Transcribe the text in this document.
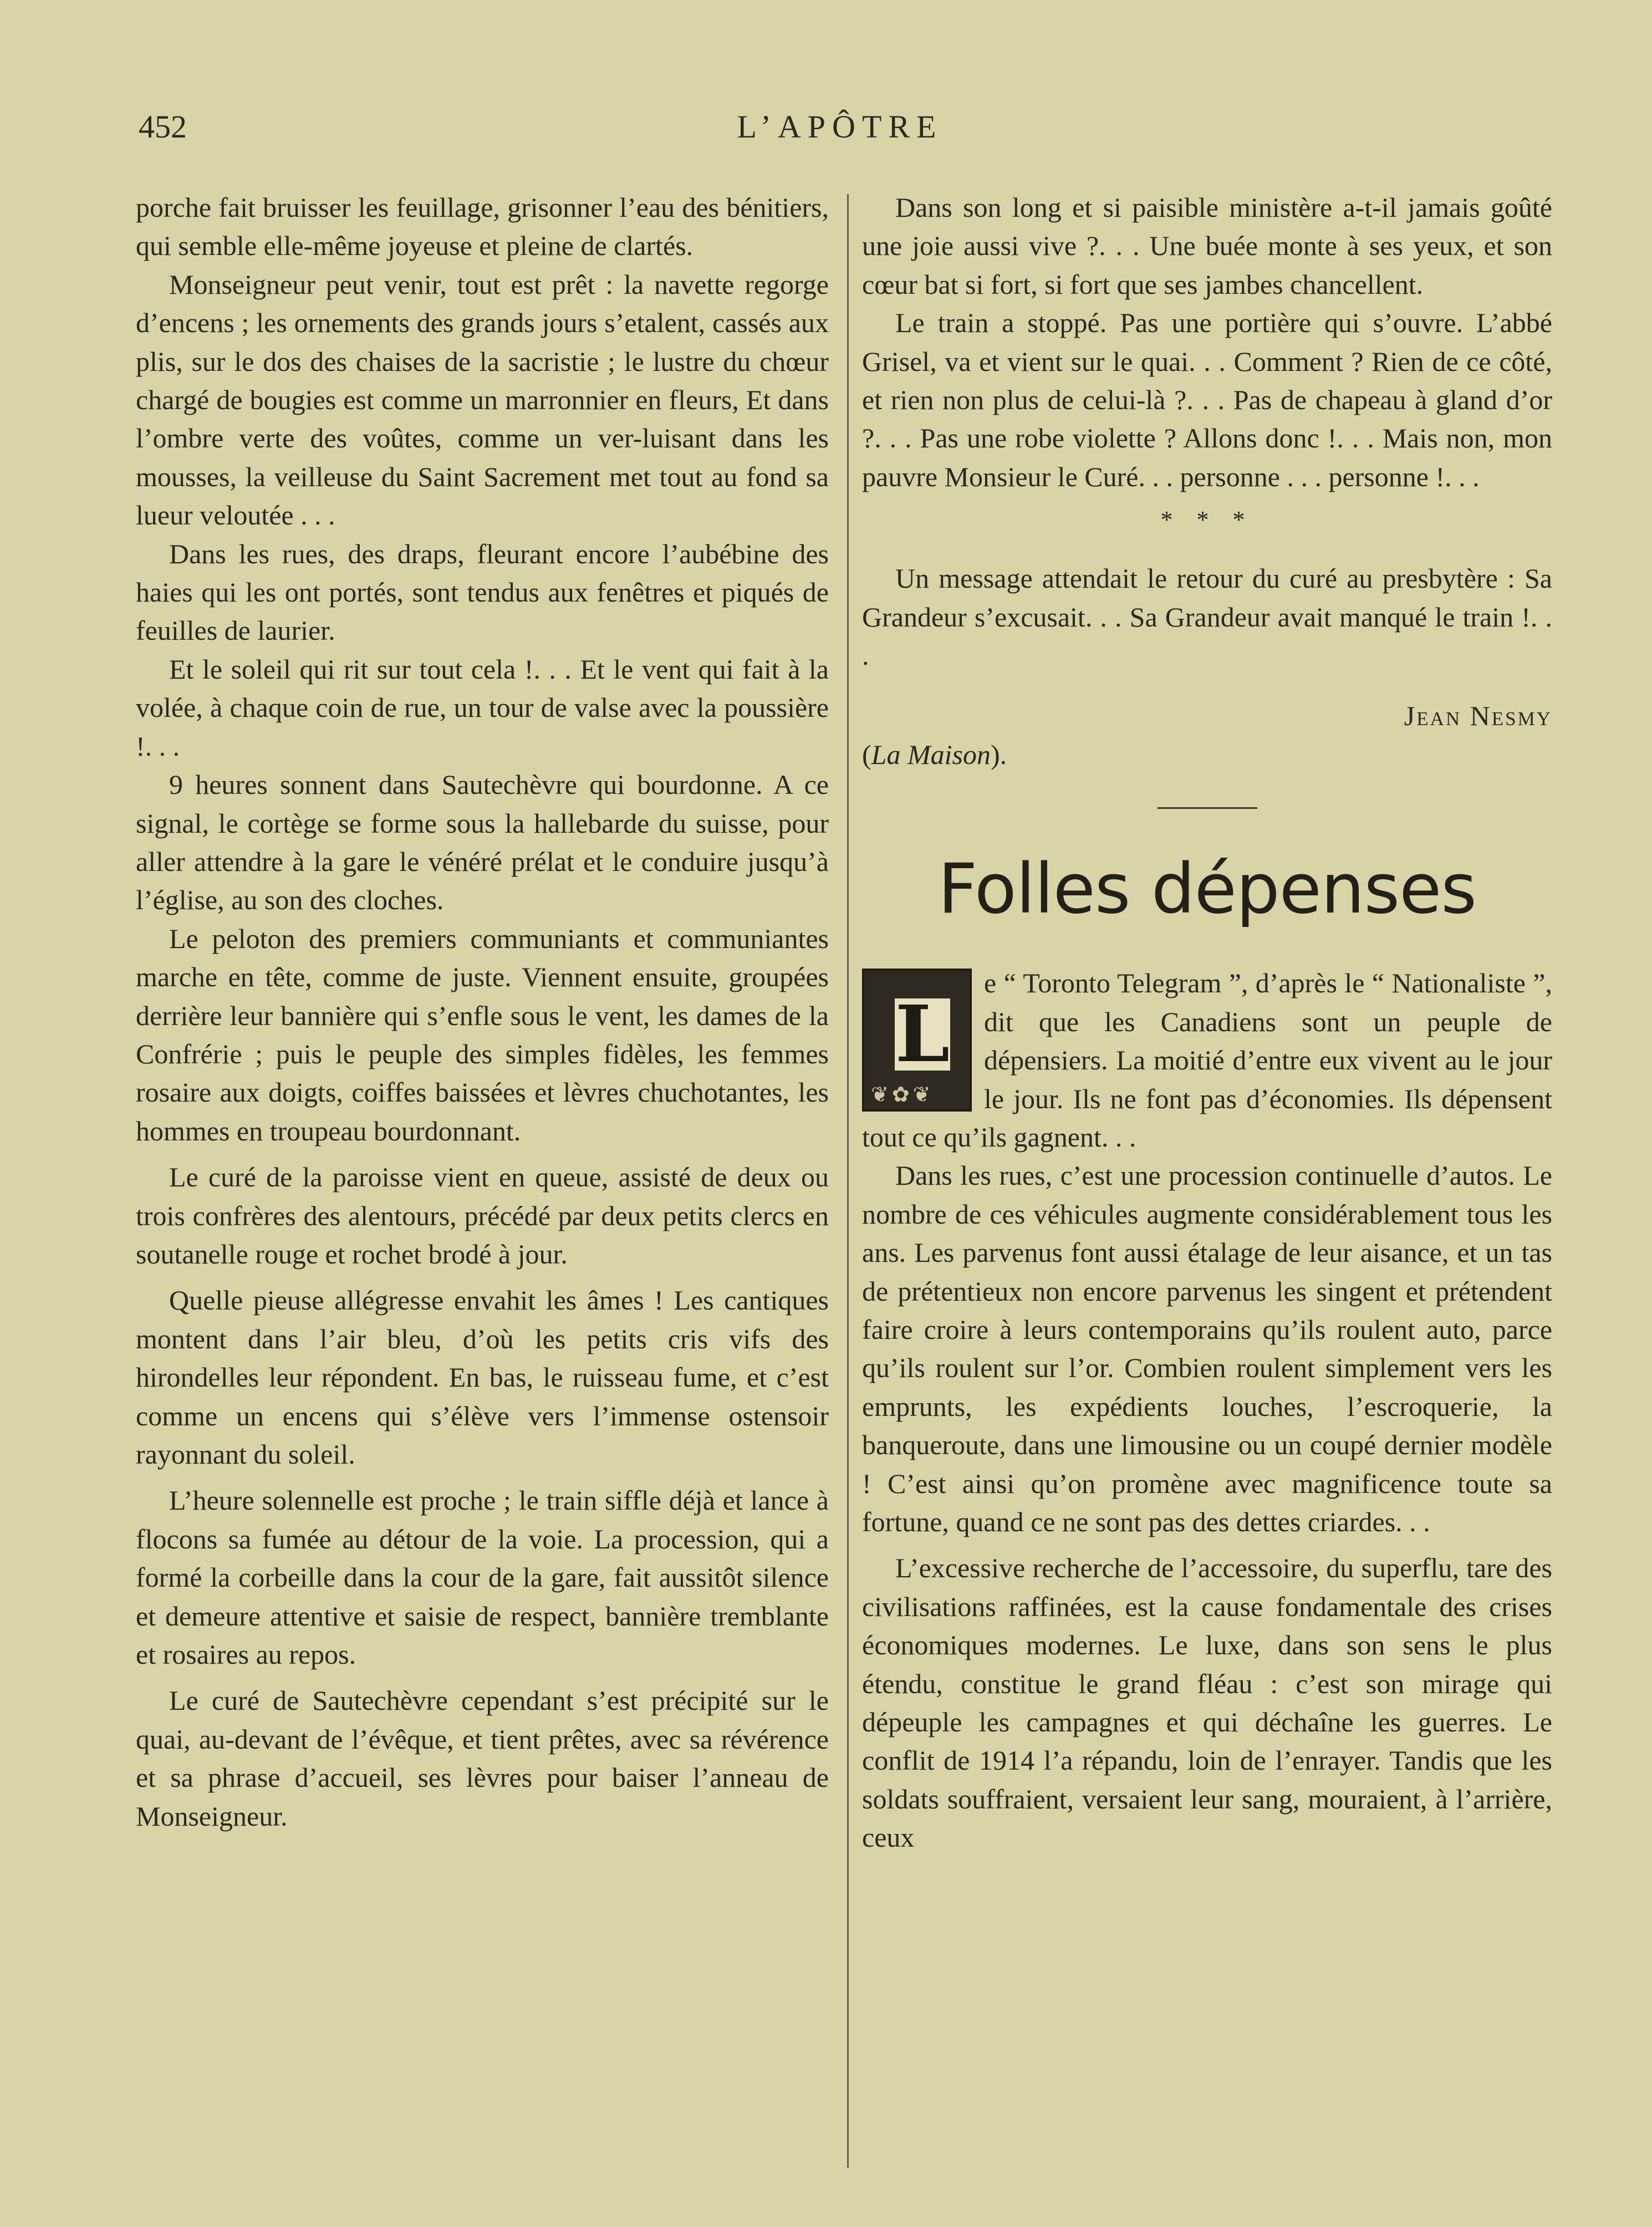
452	L’APÔTRE

porche fait bruisser les feuillage, grisonner l’eau des bénitiers, qui semble elle-même joyeuse et pleine de clartés.

Monseigneur peut venir, tout est prêt : la navette regorge d’encens ; les ornements des grands jours s’etalent, cassés aux plis, sur le dos des chaises de la sacristie ; le lustre du chœur chargé de bougies est comme un marronnier en fleurs, Et dans l’ombre verte des voûtes, comme un ver-luisant dans les mousses, la veilleuse du Saint Sacrement met tout au fond sa lueur veloutée . . .

Dans les rues, des draps, fleurant encore l’aubébine des haies qui les ont portés, sont tendus aux fenêtres et piqués de feuilles de laurier.

Et le soleil qui rit sur tout cela !. . . Et le vent qui fait à la volée, à chaque coin de rue, un tour de valse avec la poussière !. . .

9 heures sonnent dans Sautechèvre qui bourdonne. A ce signal, le cortège se forme sous la hallebarde du suisse, pour aller attendre à la gare le vénéré prélat et le conduire jusqu’à l’église, au son des cloches.

Le peloton des premiers communiants et communiantes marche en tête, comme de juste. Viennent ensuite, groupées derrière leur bannière qui s’enfle sous le vent, les dames de la Confrérie ; puis le peuple des simples fidèles, les femmes rosaire aux doigts, coiffes baissées et lèvres chuchotantes, les hommes en troupeau bourdonnant.

Le curé de la paroisse vient en queue, assisté de deux ou trois confrères des alentours, précédé par deux petits clercs en soutanelle rouge et rochet brodé à jour.

Quelle pieuse allégresse envahit les âmes ! Les cantiques montent dans l’air bleu, d’où les petits cris vifs des hirondelles leur répondent. En bas, le ruisseau fume, et c’est comme un encens qui s’élève vers l’immense ostensoir rayonnant du soleil.

L’heure solennelle est proche ; le train siffle déjà et lance à flocons sa fumée au détour de la voie. La procession, qui a formé la corbeille dans la cour de la gare, fait aussitôt silence et demeure attentive et saisie de respect, bannière tremblante et rosaires au repos.

Le curé de Sautechèvre cependant s’est précipité sur le quai, au-devant de l’évêque, et tient prêtes, avec sa révérence et sa phrase d’accueil, ses lèvres pour baiser l’anneau de Monseigneur.

Dans son long et si paisible ministère a-t-il jamais goûté une joie aussi vive ?. . . Une buée monte à ses yeux, et son cœur bat si fort, si fort que ses jambes chancellent.

Le train a stoppé. Pas une portière qui s’ouvre. L’abbé Grisel, va et vient sur le quai. . . Comment ? Rien de ce côté, et rien non plus de celui-là ?. . . Pas de chapeau à gland d’or ?. . . Pas une robe violette ? Allons donc !. . . Mais non, mon pauvre Monsieur le Curé. . . personne . . . personne !. . .

* * *

Un message attendait le retour du curé au presbytère : Sa Grandeur s’excusait. . . Sa Grandeur avait manqué le train !. . .

Jean Nesmy
(La Maison).
Folles dépenses
L
❦✿❦

e “ Toronto Telegram ”, d’après le “ Nationaliste ”, dit que les Canadiens sont un peuple de dépensiers. La moitié d’entre eux vivent au le jour le jour. Ils ne font pas d’économies. Ils dépensent tout ce qu’ils gagnent. . .

Dans les rues, c’est une procession continuelle d’autos. Le nombre de ces véhicules augmente considérablement tous les ans. Les parvenus font aussi étalage de leur aisance, et un tas de prétentieux non encore parvenus les singent et prétendent faire croire à leurs contemporains qu’ils roulent auto, parce qu’ils roulent sur l’or. Combien roulent simplement vers les emprunts, les expédients louches, l’escroquerie, la banqueroute, dans une limousine ou un coupé dernier modèle ! C’est ainsi qu’on promène avec magnificence toute sa fortune, quand ce ne sont pas des dettes criardes. . .

L’excessive recherche de l’accessoire, du superflu, tare des civilisations raffinées, est la cause fondamentale des crises économiques modernes. Le luxe, dans son sens le plus étendu, constitue le grand fléau : c’est son mirage qui dépeuple les campagnes et qui déchaîne les guerres. Le conflit de 1914 l’a répandu, loin de l’enrayer. Tandis que les soldats souffraient, versaient leur sang, mouraient, à l’arrière, ceux
